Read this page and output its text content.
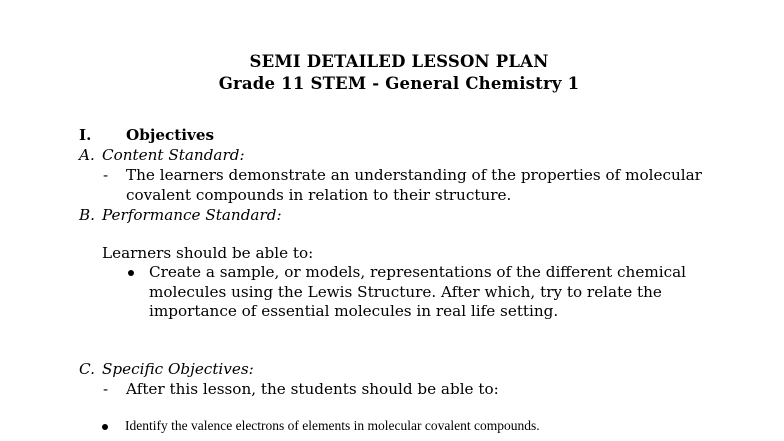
SEMI DETAILED LESSON PLAN
Grade 11 STEM - General Chemistry 1
I. Objectives
A. Content Standard:
- The learners demonstrate an understanding of the properties of molecular
covalent compounds in relation to their structure.
B. Performance Standard:
Learners should be able to:
Create a sample, or models, representations of the different chemical
molecules using the Lewis Structure. After which, try to relate the
importance of essential molecules in real life setting.
C. Specific Objectives:
- After this lesson, the students should be able to:
Identify the valence electrons of elements in molecular covalent compounds.
